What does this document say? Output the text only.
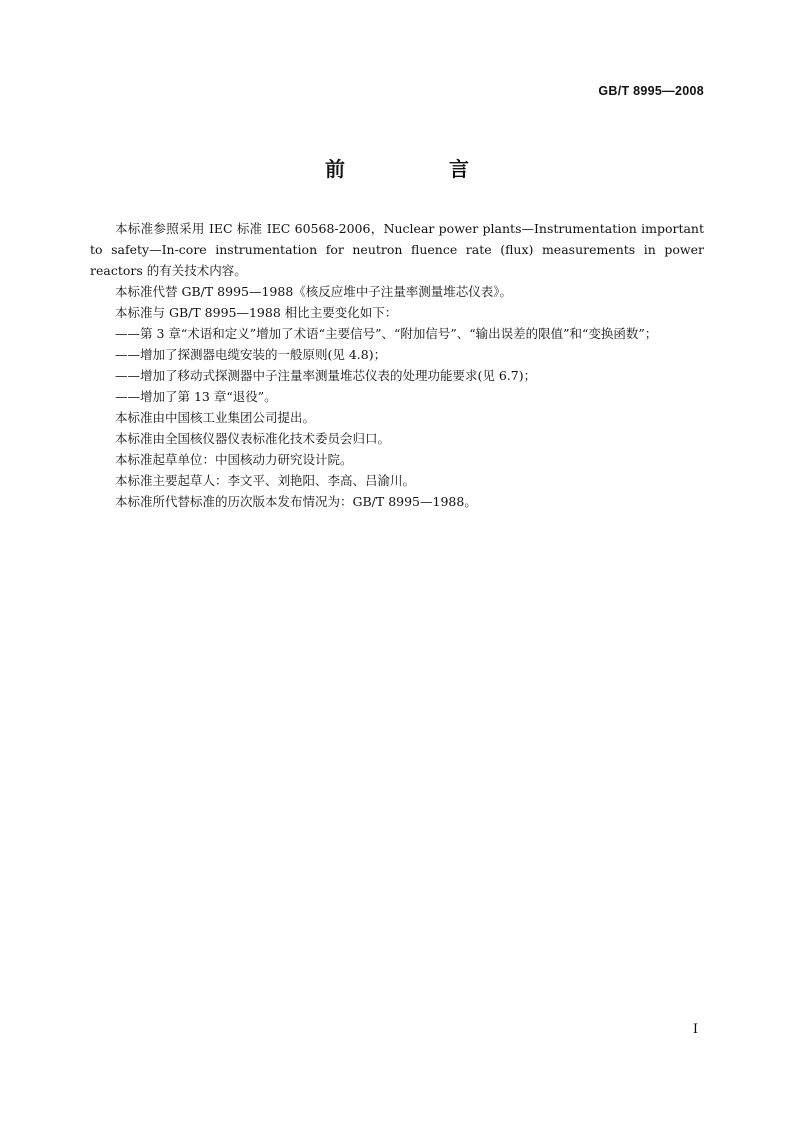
GB/T 8995—2008
前　言

本标准参照采用 IEC 标准 IEC 60568-2006，Nuclear power plants—Instrumentation important to safety—In-core instrumentation for neutron fluence rate (flux) measurements in power reactors 的有关技术内容。

本标准代替 GB/T 8995—1988《核反应堆中子注量率测量堆芯仪表》。

本标准与 GB/T 8995—1988 相比主要变化如下：

——第 3 章“术语和定义”增加了术语“主要信号”、“附加信号”、“输出误差的限值”和“变换函数”；

——增加了探测器电缆安装的一般原则(见 4.8)；

——增加了移动式探测器中子注量率测量堆芯仪表的处理功能要求(见 6.7)；

——增加了第 13 章“退役”。

本标准由中国核工业集团公司提出。

本标准由全国核仪器仪表标准化技术委员会归口。

本标准起草单位：中国核动力研究设计院。

本标准主要起草人：李文平、刘艳阳、李高、吕渝川。

本标准所代替标准的历次版本发布情况为：GB/T 8995—1988。

I
